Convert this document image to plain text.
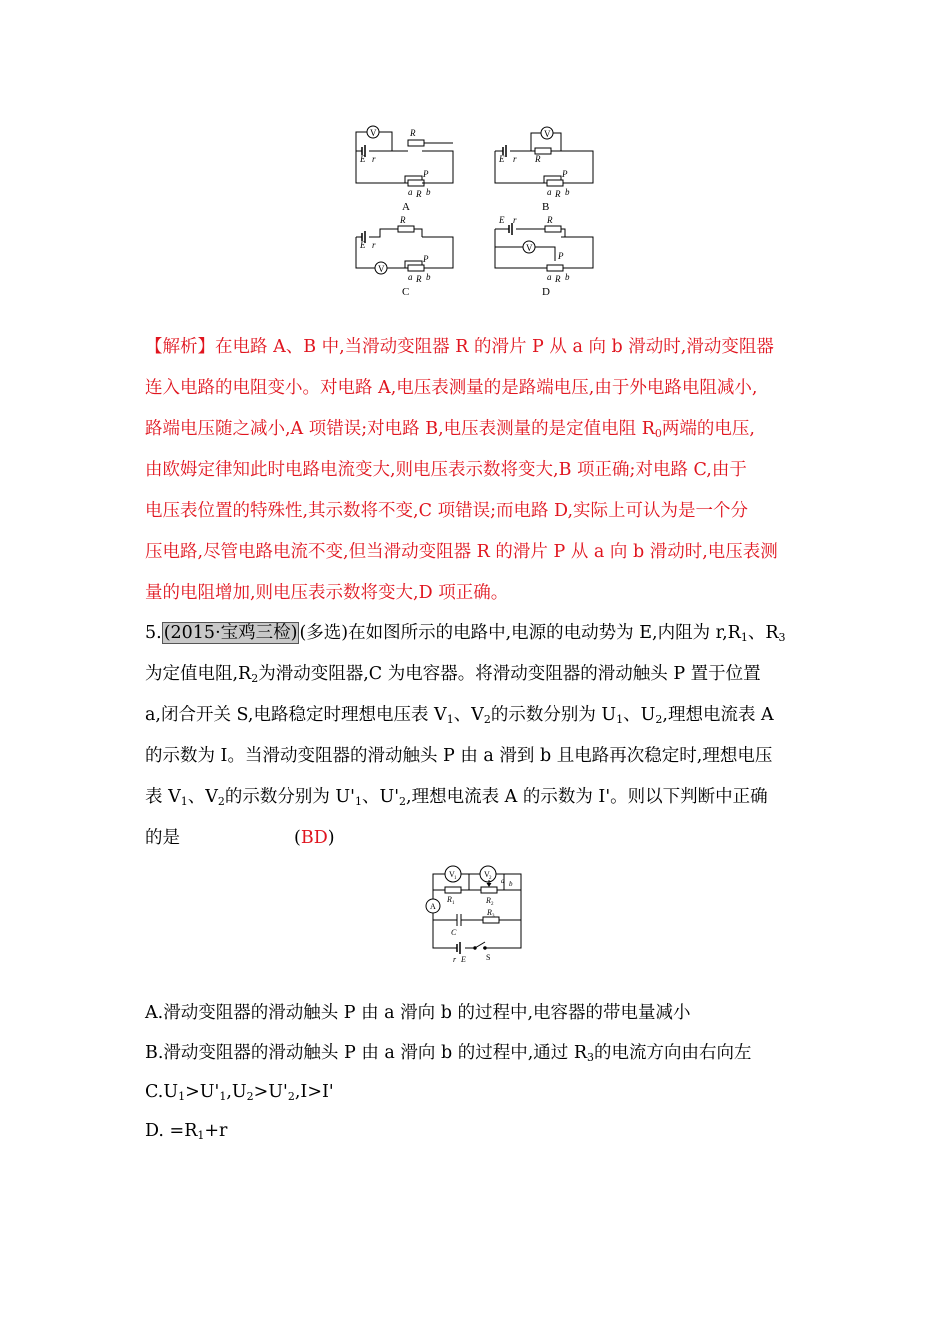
V
E r
R
P
a R b
A
V
E r R
P
a R b
B
V
E r
R
P
a R b
C
V
E r	R
P
a R b
D
【解析】在电路 A、B 中,当滑动变阻器 R 的滑片 P 从 a 向 b 滑动时,滑动变阻器
连入电路的电阻变小。对电路 A,电压表测量的是路端电压,由于外电路电阻减小,
路端电压随之减小,A 项错误;对电路 B,电压表测量的是定值电阻 $R_0$两端的电压,
由欧姆定律知此时电路电流变大,则电压表示数将变大,B 项正确;对电路 C,由于
电压表位置的特殊性,其示数将不变,C 项错误;而电路 D,实际上可认为是一个分
压电路,尽管电路电流不变,但当滑动变阻器 R 的滑片 P 从 a 向 b 滑动时,电压表测
量的电阻增加,则电压表示数将变大,D 项正确。
5. (2015·宝鸡三检) (多选)在如图所示的电路中,电源的电动势为 E,内阻为 $r,R_1$、$R_3$
为定值电阻$,R_2$为滑动变阻器,C 为电容器。将滑动变阻器的滑动触头 P 置于位置
a,闭合开关 S,电路稳定时理想电压表 $V_1$、$V_2$的示数分别为 $U_1$、$U_2$,理想电流表 A
的示数为 I。当滑动变阻器的滑动触头 P 由 a 滑到 b 且电路再次稳定时,理想电压
表 $V_1$、$V_2$的示数分别为 $U'_1$、$U'_2$,理想电流表 A 的示数为 I'。则以下判断中正确
的是	(BD)
V 1	V 2
A
R 1	R 2
R 3
C
r E	S
a b
A.滑动变阻器的滑动触头 P 由 a 滑向 b 的过程中,电容器的带电量减小
B.滑动变阻器的滑动触头 P 由 a 滑向 b 的过程中,通过 $R_3$的电流方向由右向左
$C.U_1>U'_1,U_2>U'_2,I>I'$
D. $=R_1+r$
